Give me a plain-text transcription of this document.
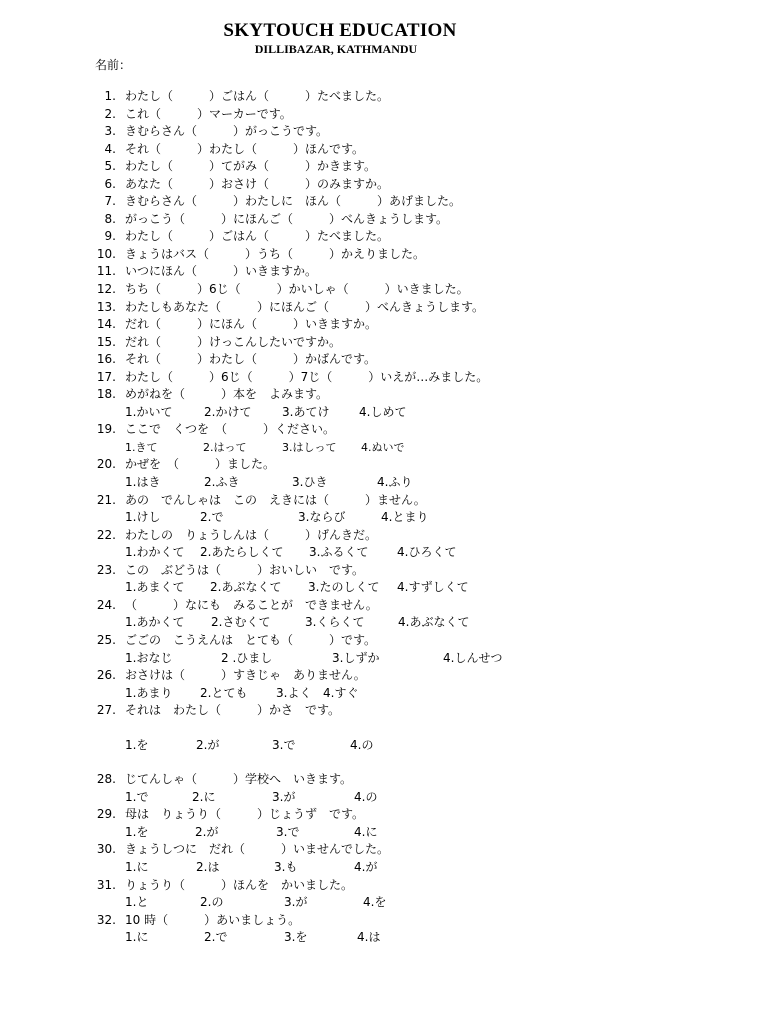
SKYTOUCH EDUCATION
DILLIBAZAR, KATHMANDU
名前：
1. わたし（　　　）ごはん（　　　）たべました。
2. これ（　　　）マーカーです。
3. きむらさん（　　　）がっこうです。
4. それ（　　　）わたし（　　　）ほんです。
5. わたし（　　　）てがみ（　　　）かきます。
6. あなた（　　　）おさけ（　　　）のみますか。
7. きむらさん（　　　）わたしに　ほん（　　　）あげました。
8. がっこう（　　　）にほんご（　　　）べんきょうします。
9. わたし（　　　）ごはん（　　　）たべました。
10. きょうはバス（　　　）うち（　　　）かえりました。
11. いつにほん（　　　）いきますか。
12. ちち（　　　）6じ（　　　）かいしゃ（　　　）いきました。
13. わたしもあなた（　　　）にほんご（　　　）べんきょうします。
14. だれ（　　　）にほん（　　　）いきますか。
15. だれ（　　　）けっこんしたいですか。
16. それ（　　　）わたし（　　　）かばんです。
17. わたし（　　　）6じ（　　　）7じ（　　　）いえが…みました。
18. めがねを（　　　）本を　よみます。
1.かいて	2.かけて	3.あてけ 4.しめて
19. ここで　くつを　（　　　）ください。
1.きて	2.はって	3.はしって 4.ぬいで
20. かぜを　（　　　）ました。
1.はき	2.ふき	3.ひき	4.ふり
21. あの　でんしゃは　この　えきには（　　　）ません。
1.けし	2.で	3.ならび	4.とまり
22. わたしの　りょうしんは（　　　）げんきだ。
1.わかくて 2.あたらしくて 3.ふるくて 4.ひろくて
23. この　ぶどうは（　　　）おいしい　です。
1.あまくて 2.あぶなくて 3.たのしくて 4.すずしくて
24. （　　　）なにも　みることが　できません。
1.あかくて 2.さむくて	3.くらくて	4.あぶなくて
25. ごごの　こうえんは　とても（　　　）です。
1.おなじ	2 .ひまし	3.しずか	4.しんせつ
26. おさけは（　　　）すきじゃ　ありません。
1.あまり 2.とても 3.よく 4.すぐ
27. それは　わたし（　　　）かさ　です。
1.を	2.が	3.で	4.の
28. じてんしゃ（　　　）学校へ　いきます。
1.で	2.に	3.が	4.の
29. 母は　りょうり（　　　）じょうず　です。
1.を	2.が	3.で	4.に
30. きょうしつに　だれ（　　　）いませんでした。
1.に	2.は	3.も	4.が
31. りょうり（　　　）ほんを　かいました。
1.と	2.の	3.が	4.を
32. 10 時（　　　）あいましょう。
1.に	2.で	3.を	4.は
